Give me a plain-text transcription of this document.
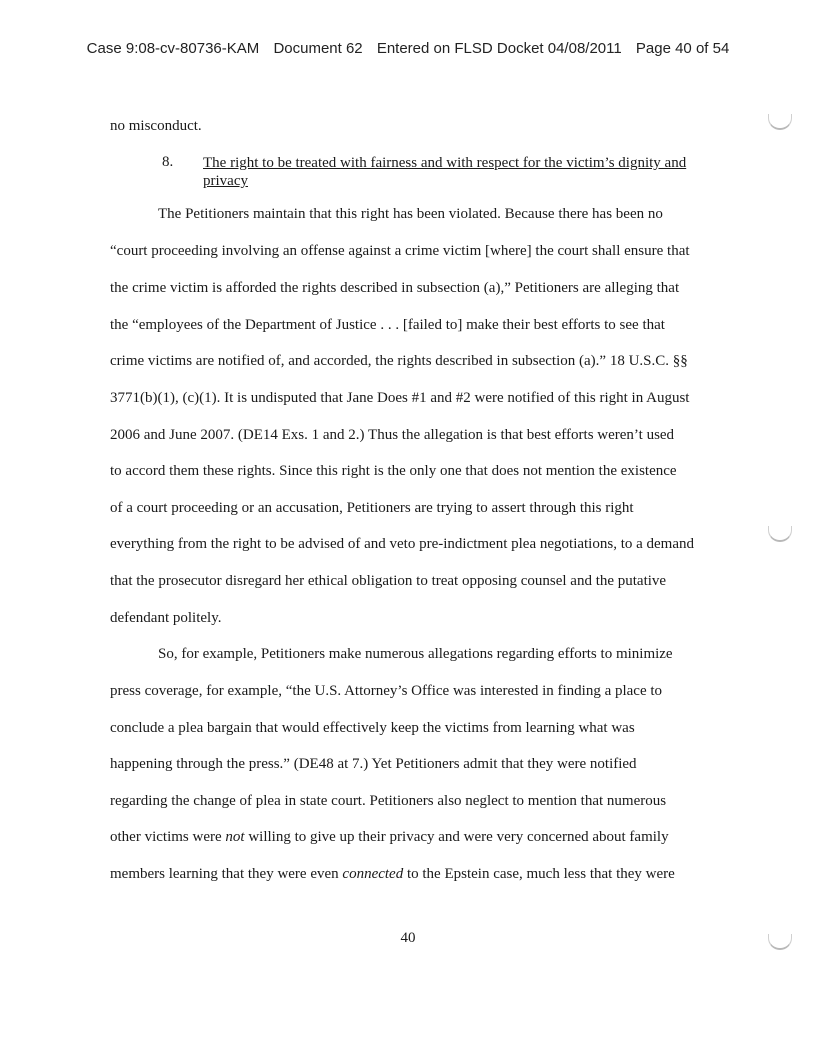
Case 9:08-cv-80736-KAM Document 62 Entered on FLSD Docket 04/08/2011 Page 40 of 54
no misconduct.
8. The right to be treated with fairness and with respect for the victim’s dignity and privacy
The Petitioners maintain that this right has been violated. Because there has been no
“court proceeding involving an offense against a crime victim [where] the court shall ensure that
the crime victim is afforded the rights described in subsection (a),” Petitioners are alleging that
the “employees of the Department of Justice . . . [failed to] make their best efforts to see that
crime victims are notified of, and accorded, the rights described in subsection (a).” 18 U.S.C. §§
3771(b)(1), (c)(1). It is undisputed that Jane Does #1 and #2 were notified of this right in August
2006 and June 2007. (DE14 Exs. 1 and 2.) Thus the allegation is that best efforts weren’t used
to accord them these rights. Since this right is the only one that does not mention the existence
of a court proceeding or an accusation, Petitioners are trying to assert through this right
everything from the right to be advised of and veto pre-indictment plea negotiations, to a demand
that the prosecutor disregard her ethical obligation to treat opposing counsel and the putative
defendant politely.
So, for example, Petitioners make numerous allegations regarding efforts to minimize
press coverage, for example, “the U.S. Attorney’s Office was interested in finding a place to
conclude a plea bargain that would effectively keep the victims from learning what was
happening through the press.” (DE48 at 7.) Yet Petitioners admit that they were notified
regarding the change of plea in state court. Petitioners also neglect to mention that numerous
other victims were not willing to give up their privacy and were very concerned about family
members learning that they were even connected to the Epstein case, much less that they were
40
